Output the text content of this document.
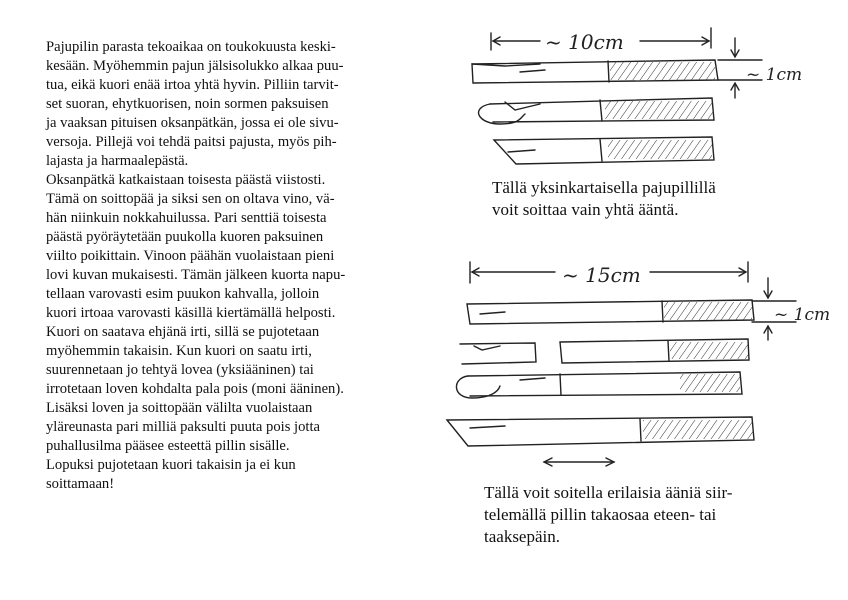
Pajupilin parasta tekoaikaa on toukokuusta keski-
kesään. Myöhemmin pajun jälsisolukko alkaa puu-
tua, eikä kuori enää irtoa yhtä hyvin. Pilliin tarvit-
set suoran, ehytkuorisen, noin sormen paksuisen
ja vaaksan pituisen oksanpätkän, jossa ei ole sivu-
versoja. Pillejä voi tehdä paitsi pajusta, myös pih-
lajasta ja harmaalepästä.
Oksanpätkä katkaistaan toisesta päästä viistosti.
Tämä on soittopää ja siksi sen on oltava vino, vä-
hän niinkuin nokkahuilussa. Pari senttiä toisesta
päästä pyöräytetään puukolla kuoren paksuinen
viilto poikittain. Vinoon päähän vuolaistaan pieni
lovi kuvan mukaisesti. Tämän jälkeen kuorta napu-
tellaan varovasti esim puukon kahvalla, jolloin
kuori irtoaa varovasti käsillä kiertämällä helposti.
Kuori on saatava ehjänä irti, sillä se pujotetaan
myöhemmin takaisin. Kun kuori on saatu irti,
suurennetaan jo tehtyä lovea (yksiääninen) tai
irrotetaan loven kohdalta pala pois (moni ääninen).
Lisäksi loven ja soittopään välilta vuolaistaan
yläreunasta pari milliä paksulti puuta pois jotta
puhallusilma pääsee esteettä pillin sisälle.
Lopuksi pujotetaan kuori takaisin ja ei kun
soittamaan!
~ 10cm
~ 1cm
~ 15cm
~ 1cm
Tällä yksinkartaisella pajupillillä
voit soittaa vain yhtä ääntä.
Tällä voit soitella erilaisia ääniä siir-
telemällä pillin takaosaa eteen- tai
taaksepäin.
